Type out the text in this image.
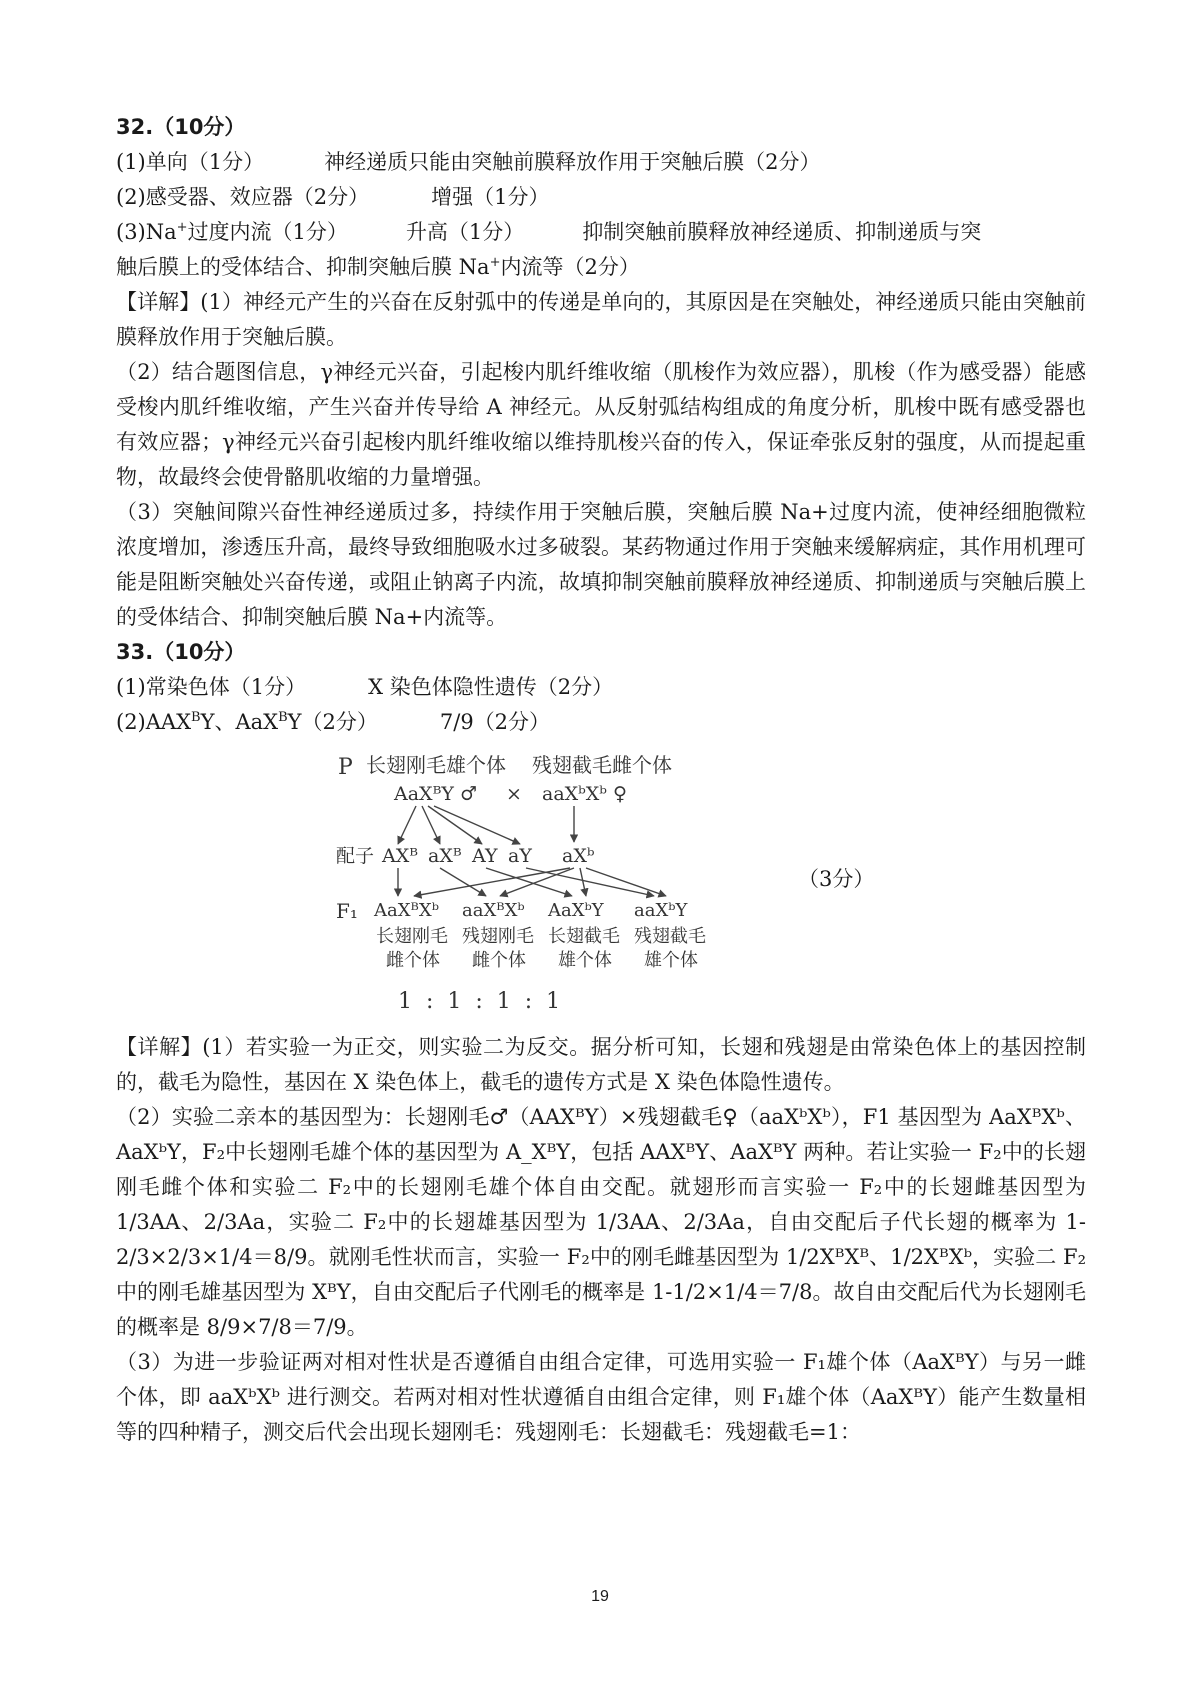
32.（10分）
(1)单向（1分）	神经递质只能由突触前膜释放作用于突触后膜（2分）
(2)感受器、效应器（2分）	增强（1分）
(3)Na+过度内流（1分）	升高（1分）	抑制突触前膜释放神经递质、抑制递质与突
触后膜上的受体结合、抑制突触后膜 Na+内流等（2分）
【详解】(1）神经元产生的兴奋在反射弧中的传递是单向的，其原因是在突触处，神经递质只能由突触前膜释放作用于突触后膜。
（2）结合题图信息，γ神经元兴奋，引起梭内肌纤维收缩（肌梭作为效应器），肌梭（作为感受器）能感受梭内肌纤维收缩，产生兴奋并传导给 A 神经元。从反射弧结构组成的角度分析，肌梭中既有感受器也有效应器；γ神经元兴奋引起梭内肌纤维收缩以维持肌梭兴奋的传入，保证牵张反射的强度，从而提起重物，故最终会使骨骼肌收缩的力量增强。
（3）突触间隙兴奋性神经递质过多，持续作用于突触后膜，突触后膜 Na+过度内流，使神经细胞微粒浓度增加，渗透压升高，最终导致细胞吸水过多破裂。某药物通过作用于突触来缓解病症，其作用机理可能是阻断突触处兴奋传递，或阻止钠离子内流，故填抑制突触前膜释放神经递质、抑制递质与突触后膜上的受体结合、抑制突触后膜 Na+内流等。
33.（10分）
(1)常染色体（1分）	X 染色体隐性遗传（2分）
$(2)AAX^BY$、AaX$^B$Y（2分）	7/9（2分）
P 长翅刚毛雄个体 残翅截毛雌个体
AaXᴮY ♂ × aaXᵇXᵇ ♀
配子 AXᴮ aXᴮ AY aY aXᵇ
F₁ AaXᴮXᵇ aaXᴮXᵇ AaXᵇY aaXᵇY
长翅刚毛 残翅刚毛 长翅截毛 残翅截毛
雌个体 雌个体 雄个体 雄个体
1  :  1  :  1  :  1
（3分）
【详解】(1）若实验一为正交，则实验二为反交。据分析可知，长翅和残翅是由常染色体上的基因控制的，截毛为隐性，基因在 X 染色体上，截毛的遗传方式是 X 染色体隐性遗传。
（2）实验二亲本的基因型为：长翅刚毛♂（AAXᴮY）×残翅截毛♀（aaXᵇXᵇ），F1 基因型为 AaXᴮXᵇ、AaXᵇY，F₂中长翅刚毛雄个体的基因型为 A_XᴮY，包括 AAXᴮY、AaXᴮY 两种。若让实验一 F₂中的长翅刚毛雌个体和实验二 F₂中的长翅刚毛雄个体自由交配。就翅形而言实验一 F₂中的长翅雌基因型为 1/3AA、2/3Aa，实验二 F₂中的长翅雄基因型为 1/3AA、2/3Aa，自由交配后子代长翅的概率为 1-2/3×2/3×1/4＝8/9。就刚毛性状而言，实验一 F₂中的刚毛雌基因型为 1/2XᴮXᴮ、1/2XᴮXᵇ，实验二 F₂中的刚毛雄基因型为 XᴮY，自由交配后子代刚毛的概率是 1-1/2×1/4＝7/8。故自由交配后代为长翅刚毛的概率是 8/9×7/8＝7/9。
（3）为进一步验证两对相对性状是否遵循自由组合定律，可选用实验一 F₁雄个体（AaXᴮY）与另一雌个体，即 aaXᵇXᵇ 进行测交。若两对相对性状遵循自由组合定律，则 F₁雄个体（AaXᴮY）能产生数量相等的四种精子，测交后代会出现长翅刚毛：残翅刚毛：长翅截毛：残翅截毛=1：
19
